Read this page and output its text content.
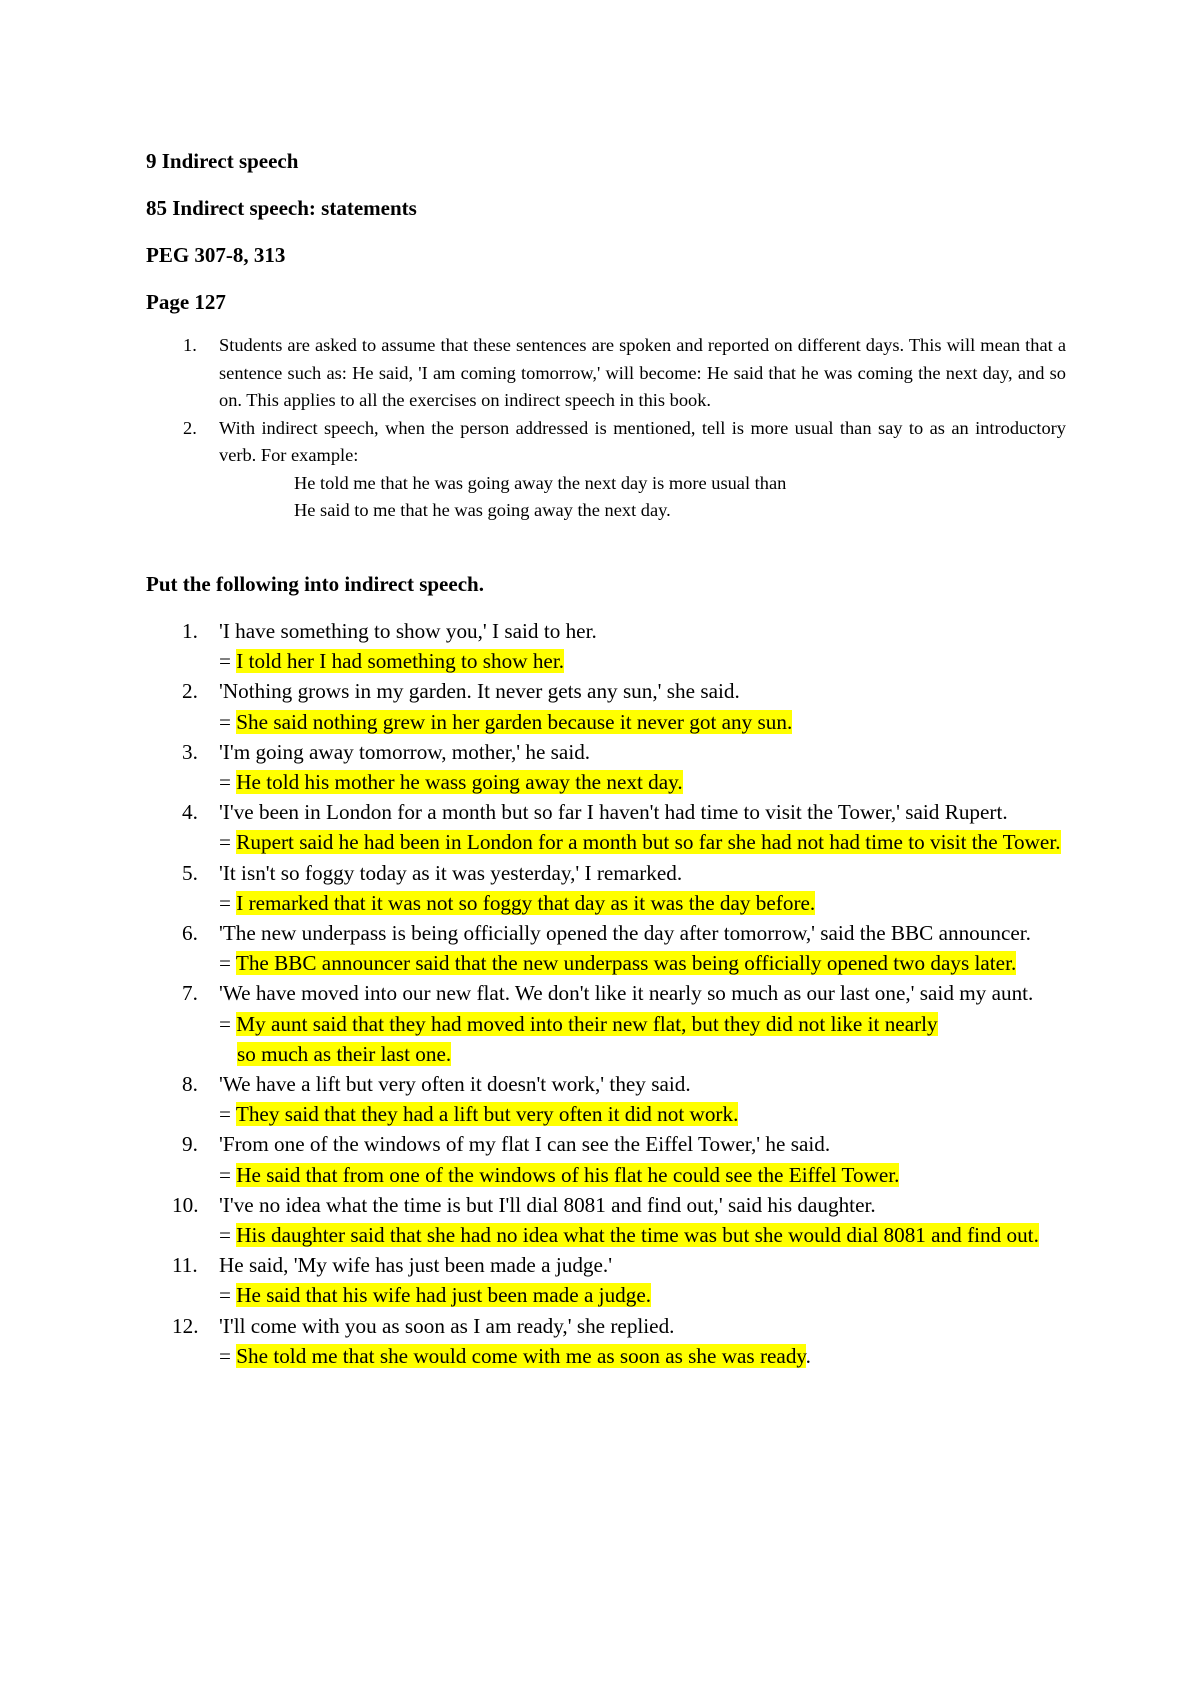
9 Indirect speech
85 Indirect speech: statements
PEG 307-8, 313
Page 127
1. Students are asked to assume that these sentences are spoken and reported on different days. This will mean that a sentence such as: He said, 'I am coming tomorrow,' will become: He said that he was coming the next day, and so on. This applies to all the exercises on indirect speech in this book.
2. With indirect speech, when the person addressed is mentioned, tell is more usual than say to as an introductory verb. For example:
He told me that he was going away the next day is more usual than
He said to me that he was going away the next day.
Put the following into indirect speech.
1. 'I have something to show you,' I said to her.
= I told her I had something to show her.
2. 'Nothing grows in my garden. It never gets any sun,' she said.
= She said nothing grew in her garden because it never got any sun.
3. 'I'm going away tomorrow, mother,' he said.
= He told his mother he wass going away the next day.
4. 'I've been in London for a month but so far I haven't had time to visit the Tower,' said Rupert.
= Rupert said he had been in London for a month but so far she had not had time to visit the Tower.
5. 'It isn't so foggy today as it was yesterday,' I remarked.
= I remarked that it was not so foggy that day as it was the day before.
6. 'The new underpass is being officially opened the day after tomorrow,' said the BBC announcer.
= The BBC announcer said that the new underpass was being officially opened two days later.
7. 'We have moved into our new flat. We don't like it nearly so much as our last one,' said my aunt.
= My aunt said that they had moved into their new flat, but they did not like it nearly
so much as their last one.
8. 'We have a lift but very often it doesn't work,' they said.
= They said that they had a lift but very often it did not work.
9. 'From one of the windows of my flat I can see the Eiffel Tower,' he said.
= He said that from one of the windows of his flat he could see the Eiffel Tower.
10. 'I've no idea what the time is but I'll dial 8081 and find out,' said his daughter.
= His daughter said that she had no idea what the time was but she would dial 8081 and find out.
11. He said, 'My wife has just been made a judge.'
= He said that his wife had just been made a judge.
12. 'I'll come with you as soon as I am ready,' she replied.
= She told me that she would come with me as soon as she was ready.
